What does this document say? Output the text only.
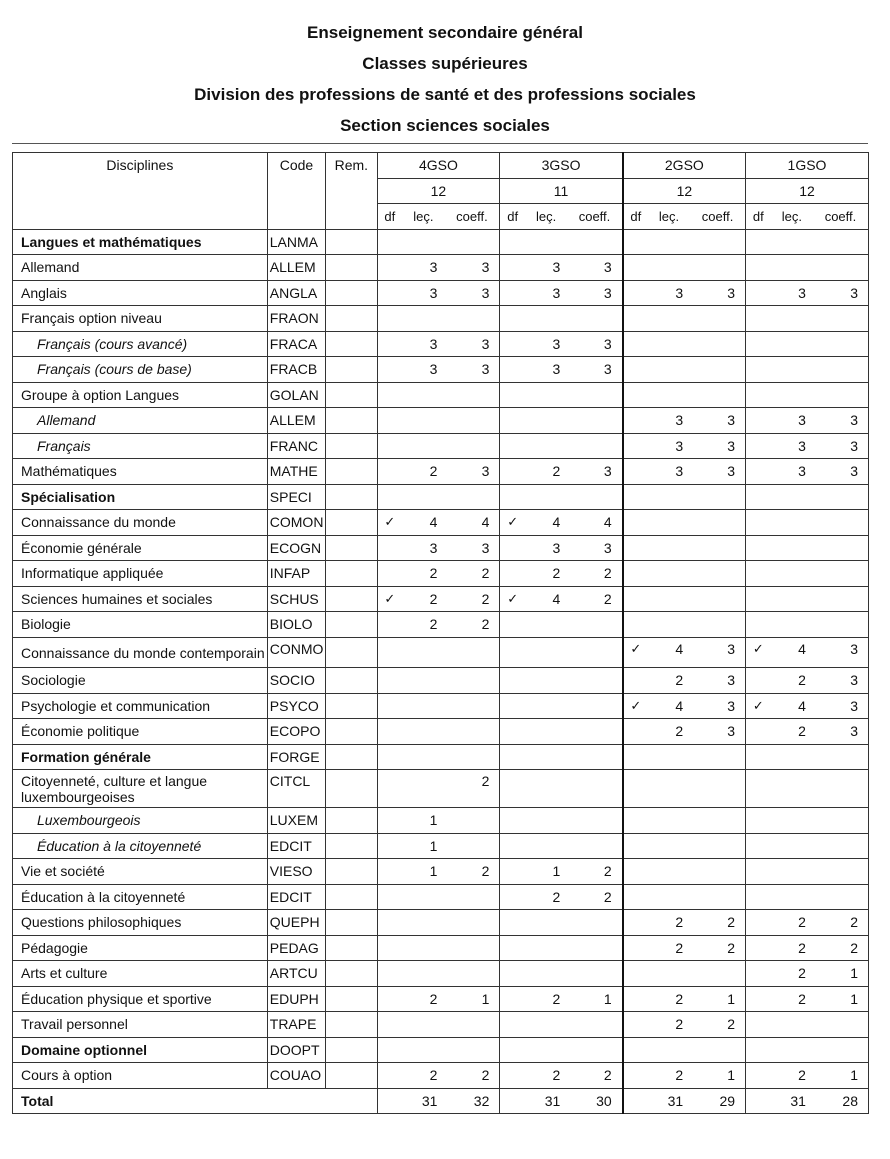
Enseignement secondaire général
Classes supérieures
Division des professions de santé et des professions sociales
Section sciences sociales
Disciplines	Code	Rem.	4GSO			3GSO			2GSO			1GSO		
			12			11			12			12		
			df	leç.	coeff.	df	leç.	coeff.	df	leç.	coeff.	df	leç.	coeff.
Langues et mathématiques	LANMA													
Allemand	ALLEM			3	3		3	3						
Anglais	ANGLA			3	3		3	3		3	3		3	3
Français option niveau	FRAON													
Français (cours avancé)	FRACA			3	3		3	3						
Français (cours de base)	FRACB			3	3		3	3						
Groupe à option Langues	GOLAN													
Allemand	ALLEM									3	3		3	3
Français	FRANC									3	3		3	3
Mathématiques	MATHE			2	3		2	3		3	3		3	3
Spécialisation	SPECI													
Connaissance du monde	COMON		✓	4	4	✓	4	4						
Économie générale	ECOGN			3	3		3	3						
Informatique appliquée	INFAP			2	2		2	2						
Sciences humaines et sociales	SCHUS		✓	2	2	✓	4	2						
Biologie	BIOLO			2	2									
Connaissance du monde contemporain	CONMO								✓	4	3	✓	4	3
Sociologie	SOCIO									2	3		2	3
Psychologie et communication	PSYCO								✓	4	3	✓	4	3
Économie politique	ECOPO									2	3		2	3
Formation générale	FORGE													
Citoyenneté, culture et langue luxembourgeoises	CITCL				2									
Luxembourgeois	LUXEM			1										
Éducation à la citoyenneté	EDCIT			1										
Vie et société	VIESO			1	2		1	2						
Éducation à la citoyenneté	EDCIT						2	2						
Questions philosophiques	QUEPH									2	2		2	2
Pédagogie	PEDAG									2	2		2	2
Arts et culture	ARTCU												2	1
Éducation physique et sportive	EDUPH			2	1		2	1		2	1		2	1
Travail personnel	TRAPE									2	2			
Domaine optionnel	DOOPT													
Cours à option	COUAO			2	2		2	2		2	1		2	1
Total				31	32		31	30		31	29		31	28
